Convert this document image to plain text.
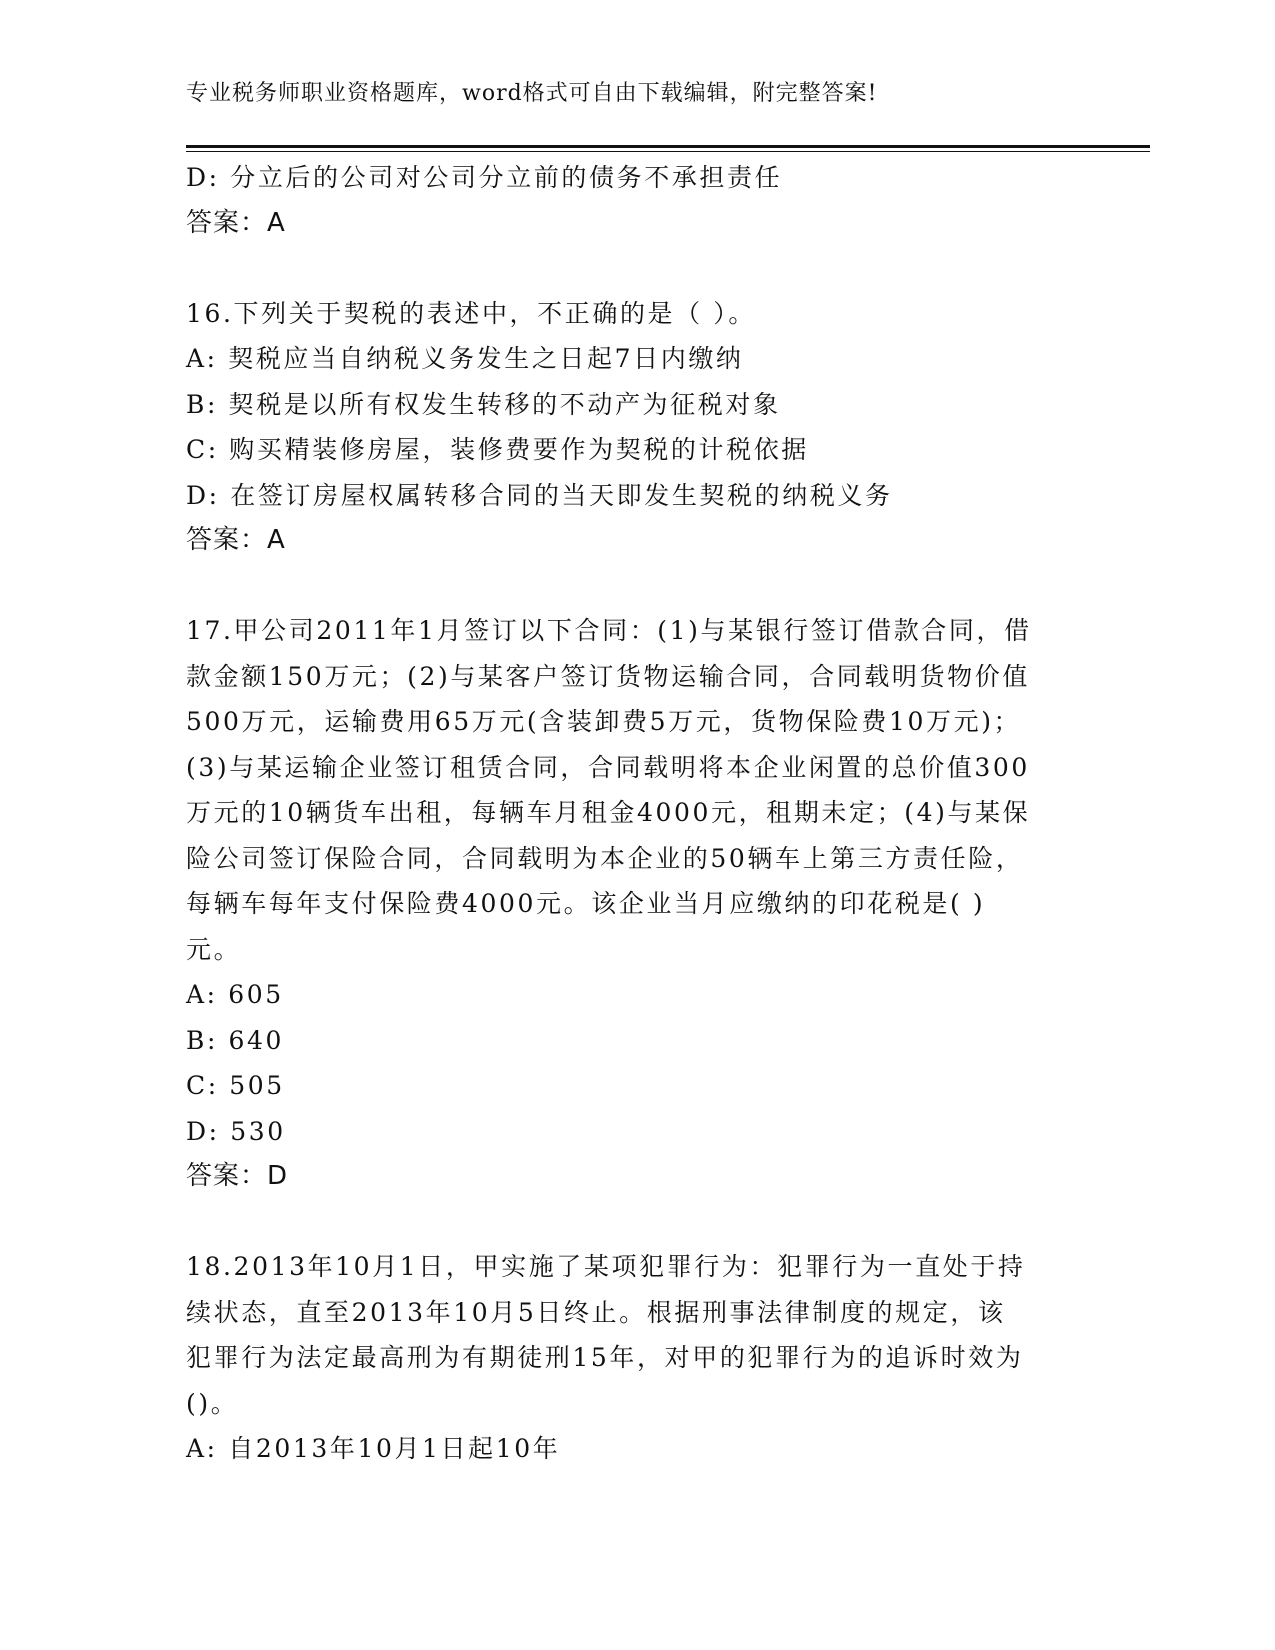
专业税务师职业资格题库，word格式可自由下载编辑，附完整答案!
D: 分立后的公司对公司分立前的债务不承担责任
答案：A
16.下列关于契税的表述中，不正确的是（ ）。
A: 契税应当自纳税义务发生之日起7日内缴纳
B: 契税是以所有权发生转移的不动产为征税对象
C: 购买精装修房屋，装修费要作为契税的计税依据
D: 在签订房屋权属转移合同的当天即发生契税的纳税义务
答案：A
17.甲公司2011年1月签订以下合同：(1)与某银行签订借款合同，借
款金额150万元；(2)与某客户签订货物运输合同，合同载明货物价值
500万元，运输费用65万元(含装卸费5万元，货物保险费10万元)；
(3)与某运输企业签订租赁合同，合同载明将本企业闲置的总价值300
万元的10辆货车出租，每辆车月租金4000元，租期未定；(4)与某保
险公司签订保险合同，合同载明为本企业的50辆车上第三方责任险，
每辆车每年支付保险费4000元。该企业当月应缴纳的印花税是( )
元。
A: 605
B: 640
C: 505
D: 530
答案：D
18.2013年10月1日，甲实施了某项犯罪行为：犯罪行为一直处于持
续状态，直至2013年10月5日终止。根据刑事法律制度的规定，该
犯罪行为法定最高刑为有期徒刑15年，对甲的犯罪行为的追诉时效为
()。
A: 自2013年10月1日起10年
